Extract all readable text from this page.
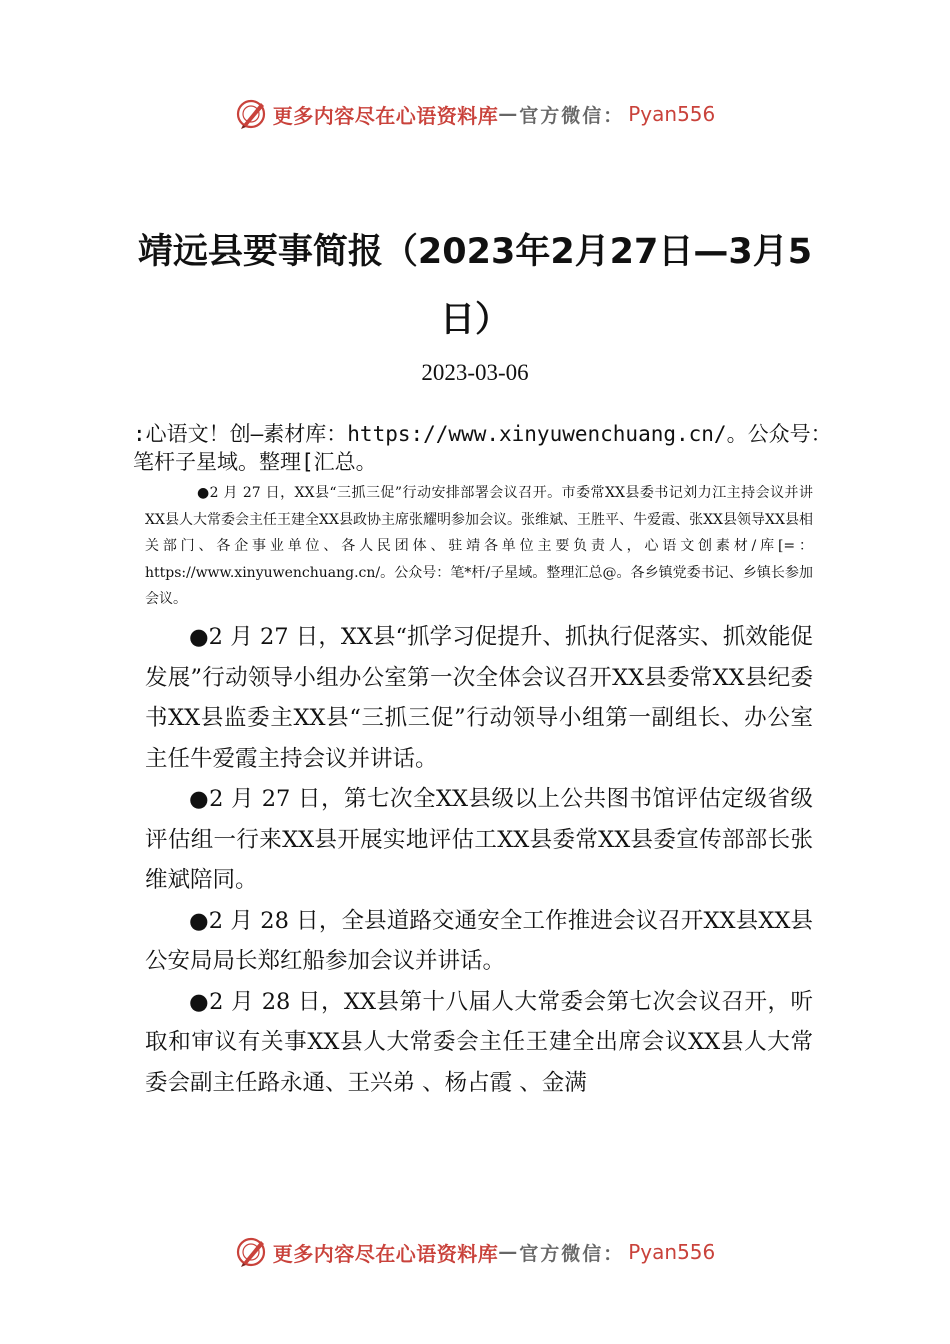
更多内容尽在心语资料库 — 官方微信： Pyan556
靖远县要事简报（2023年2月27日—3月5日）
2023-03-06
:心语文！创—素材库：https://www.xinyuwenchuang.cn/。公众号：笔杆子星域。整理[汇总。
●2 月 27 日，XX县“三抓三促”行动安排部署会议召开。市委常XX县委书记刘力江主持会议并讲XX县人大常委会主任王建全XX县政协主席张耀明参加会议。张维斌、王胜平、牛爱霞、张XX县领导XX县相关部门、各企事业单位、各人民团体、驻靖各单位主要负责人，心语文创素材/库[=：https://www.xinyuwenchuang.cn/。公众号：笔*杆/子星域。整理汇总@。各乡镇党委书记、乡镇长参加会议。

●2 月 27 日，XX县“抓学习促提升、抓执行促落实、抓效能促发展”行动领导小组办公室第一次全体会议召开XX县委常XX县纪委书XX县监委主XX县“三抓三促”行动领导小组第一副组长、办公室主任牛爱霞主持会议并讲话。

●2 月 27 日，第七次全XX县级以上公共图书馆评估定级省级评估组一行来XX县开展实地评估工XX县委常XX县委宣传部部长张维斌陪同。

●2 月 28 日，全县道路交通安全工作推进会议召开XX县XX县公安局局长郑红船参加会议并讲话。

●2 月 28 日，XX县第十八届人大常委会第七次会议召开，听取和审议有关事XX县人大常委会主任王建全出席会议XX县人大常委会副主任路永通、王兴弟 、杨占霞 、金满

更多内容尽在心语资料库 — 官方微信： Pyan556
